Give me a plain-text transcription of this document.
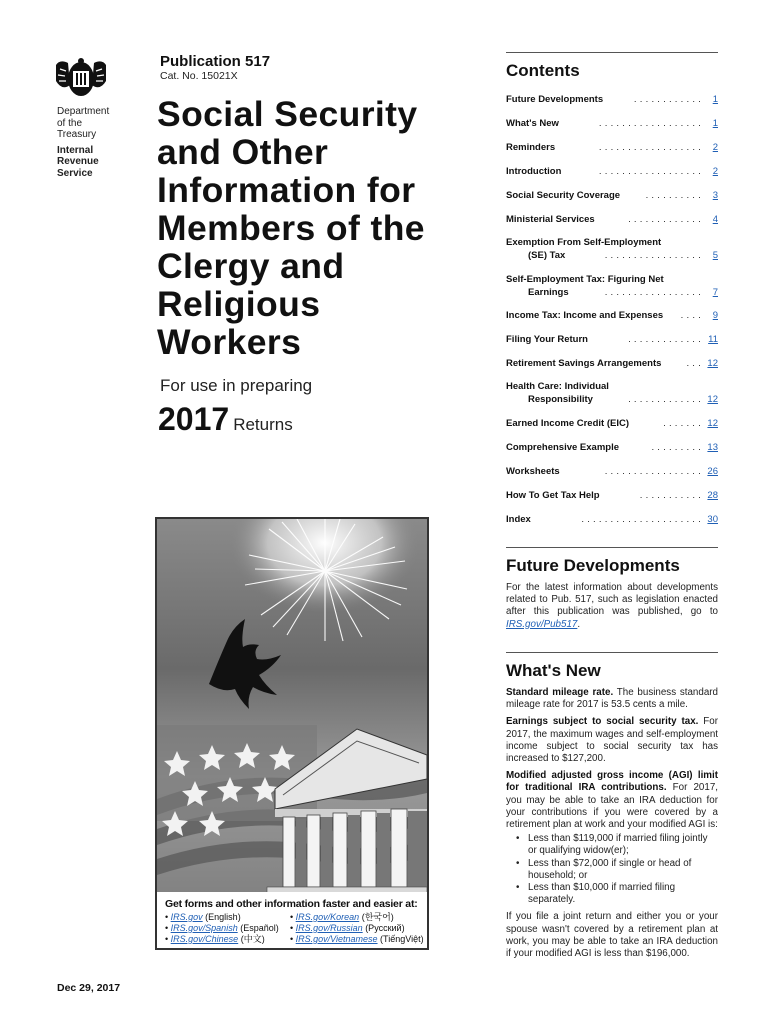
Department
of the
Treasury
Internal
Revenue
Service
Publication 517
Cat. No. 15021X
Social Security
and Other
Information for
Members of the
Clergy and
Religious
Workers
For use in preparing
2017 Returns
Get forms and other information faster and easier at:
• IRS.gov (English)	• IRS.gov/Korean (한국어)
• IRS.gov/Spanish (Español)	• IRS.gov/Russian (Русский)
• IRS.gov/Chinese (中文)	• IRS.gov/Vietnamese (TiếngViệt)
Dec 29, 2017
Contents
Future Developments	............ 1
What's New	.................. 1
Reminders	.................. 2
Introduction	.................. 2
Social Security Coverage	.......... 3
Ministerial Services	............. 4
Exemption From Self-Employment
(SE) Tax	................. 5
Self-Employment Tax: Figuring Net
Earnings	................. 7
Income Tax: Income and Expenses	.... 9
Filing Your Return	............. 11
Retirement Savings Arrangements	... 12
Health Care: Individual
Responsibility	............. 12
Earned Income Credit (EIC)	....... 12
Comprehensive Example	......... 13
Worksheets	................. 26
How To Get Tax Help	........... 28
Index	..................... 30
Future Developments
For the latest information about developments related to Pub. 517, such as legislation enacted after this publication was published, go to IRS.gov/Pub517.
What's New

Standard mileage rate. The business standard mileage rate for 2017 is 53.5 cents a mile.

Earnings subject to social security tax. For 2017, the maximum wages and self-employment income subject to social security tax has increased to $127,200.

Modified adjusted gross income (AGI) limit for traditional IRA contributions. For 2017, you may be able to take an IRA deduction for your contributions if you were covered by a retirement plan at work and your modified AGI is:

• Less than $119,000 if married filing jointly or qualifying widow(er);
• Less than $72,000 if single or head of household; or
• Less than $10,000 if married filing separately.

If you file a joint return and either you or your spouse wasn't covered by a retirement plan at work, you may be able to take an IRA deduction if your modified AGI is less than $196,000.
